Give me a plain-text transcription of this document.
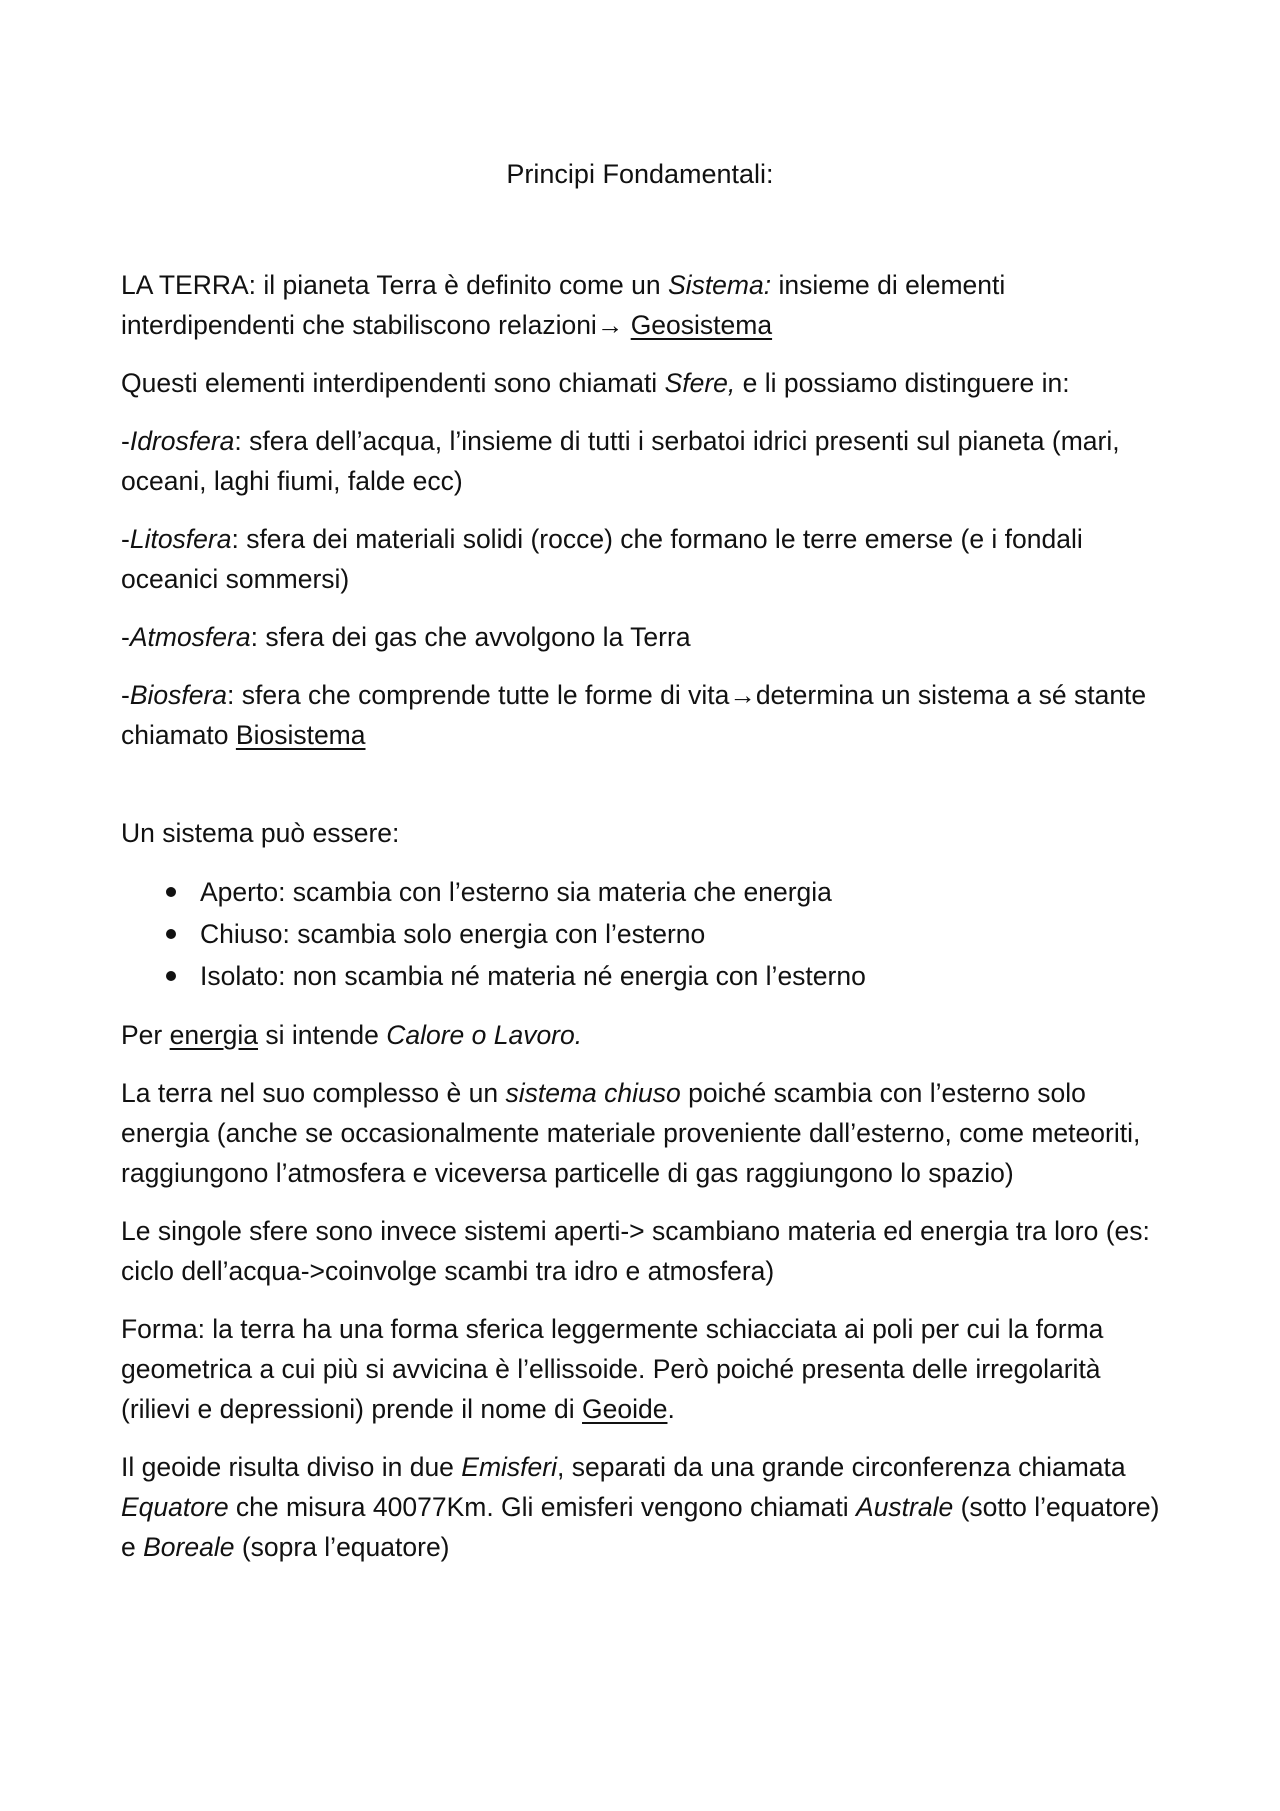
Principi Fondamentali:

LA TERRA: il pianeta Terra è definito come un Sistema: insieme di elementi interdipendenti che stabiliscono relazioni→ Geosistema

Questi elementi interdipendenti sono chiamati Sfere, e li possiamo distinguere in:

-Idrosfera: sfera dell’acqua, l’insieme di tutti i serbatoi idrici presenti sul pianeta (mari, oceani, laghi fiumi, falde ecc)

-Litosfera: sfera dei materiali solidi (rocce) che formano le terre emerse (e i fondali oceanici sommersi)

-Atmosfera: sfera dei gas che avvolgono la Terra

-Biosfera: sfera che comprende tutte le forme di vita→determina un sistema a sé stante chiamato Biosistema

Un sistema può essere:

Aperto: scambia con l’esterno sia materia che energia
Chiuso: scambia solo energia con l’esterno
Isolato: non scambia né materia né energia con l’esterno

Per energia si intende Calore o Lavoro.

La terra nel suo complesso è un sistema chiuso poiché scambia con l’esterno solo energia (anche se occasionalmente materiale proveniente dall’esterno, come meteoriti, raggiungono l’atmosfera e viceversa particelle di gas raggiungono lo spazio)

Le singole sfere sono invece sistemi aperti-> scambiano materia ed energia tra loro (es: ciclo dell’acqua->coinvolge scambi tra idro e atmosfera)

Forma: la terra ha una forma sferica leggermente schiacciata ai poli per cui la forma geometrica a cui più si avvicina è l’ellissoide. Però poiché presenta delle irregolarità (rilievi e depressioni) prende il nome di Geoide.

Il geoide risulta diviso in due Emisferi, separati da una grande circonferenza chiamata Equatore che misura 40077Km. Gli emisferi vengono chiamati Australe (sotto l’equatore) e Boreale (sopra l’equatore)
